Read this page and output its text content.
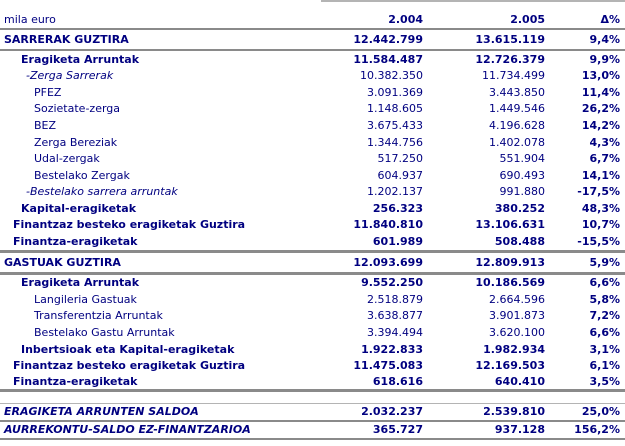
mila euro	2.004	2.005	Δ%
SARRERAK GUZTIRA	12.442.799	13.615.119	9,4%
Eragiketa Arruntak	11.584.487	12.726.379	9,9%
-Zerga Sarrerak	10.382.350	11.734.499	13,0%
PFEZ	3.091.369	3.443.850	11,4%
Sozietate-zerga	1.148.605	1.449.546	26,2%
BEZ	3.675.433	4.196.628	14,2%
Zerga Bereziak	1.344.756	1.402.078	4,3%
Udal-zergak	517.250	551.904	6,7%
Bestelako Zergak	604.937	690.493	14,1%
-Bestelako sarrera arruntak	1.202.137	991.880	-17,5%
Kapital-eragiketak	256.323	380.252	48,3%
Finantzaz besteko eragiketak Guztira	11.840.810	13.106.631	10,7%
Finantza-eragiketak	601.989	508.488	-15,5%
GASTUAK GUZTIRA	12.093.699	12.809.913	5,9%
Eragiketa Arruntak	9.552.250	10.186.569	6,6%
Langileria Gastuak	2.518.879	2.664.596	5,8%
Transferentzia Arruntak	3.638.877	3.901.873	7,2%
Bestelako Gastu Arruntak	3.394.494	3.620.100	6,6%
Inbertsioak eta Kapital-eragiketak	1.922.833	1.982.934	3,1%
Finantzaz besteko eragiketak Guztira	11.475.083	12.169.503	6,1%
Finantza-eragiketak	618.616	640.410	3,5%
ERAGIKETA ARRUNTEN SALDOA	2.032.237	2.539.810	25,0%
AURREKONTU-SALDO EZ-FINANTZARIOA	365.727	937.128	156,2%
